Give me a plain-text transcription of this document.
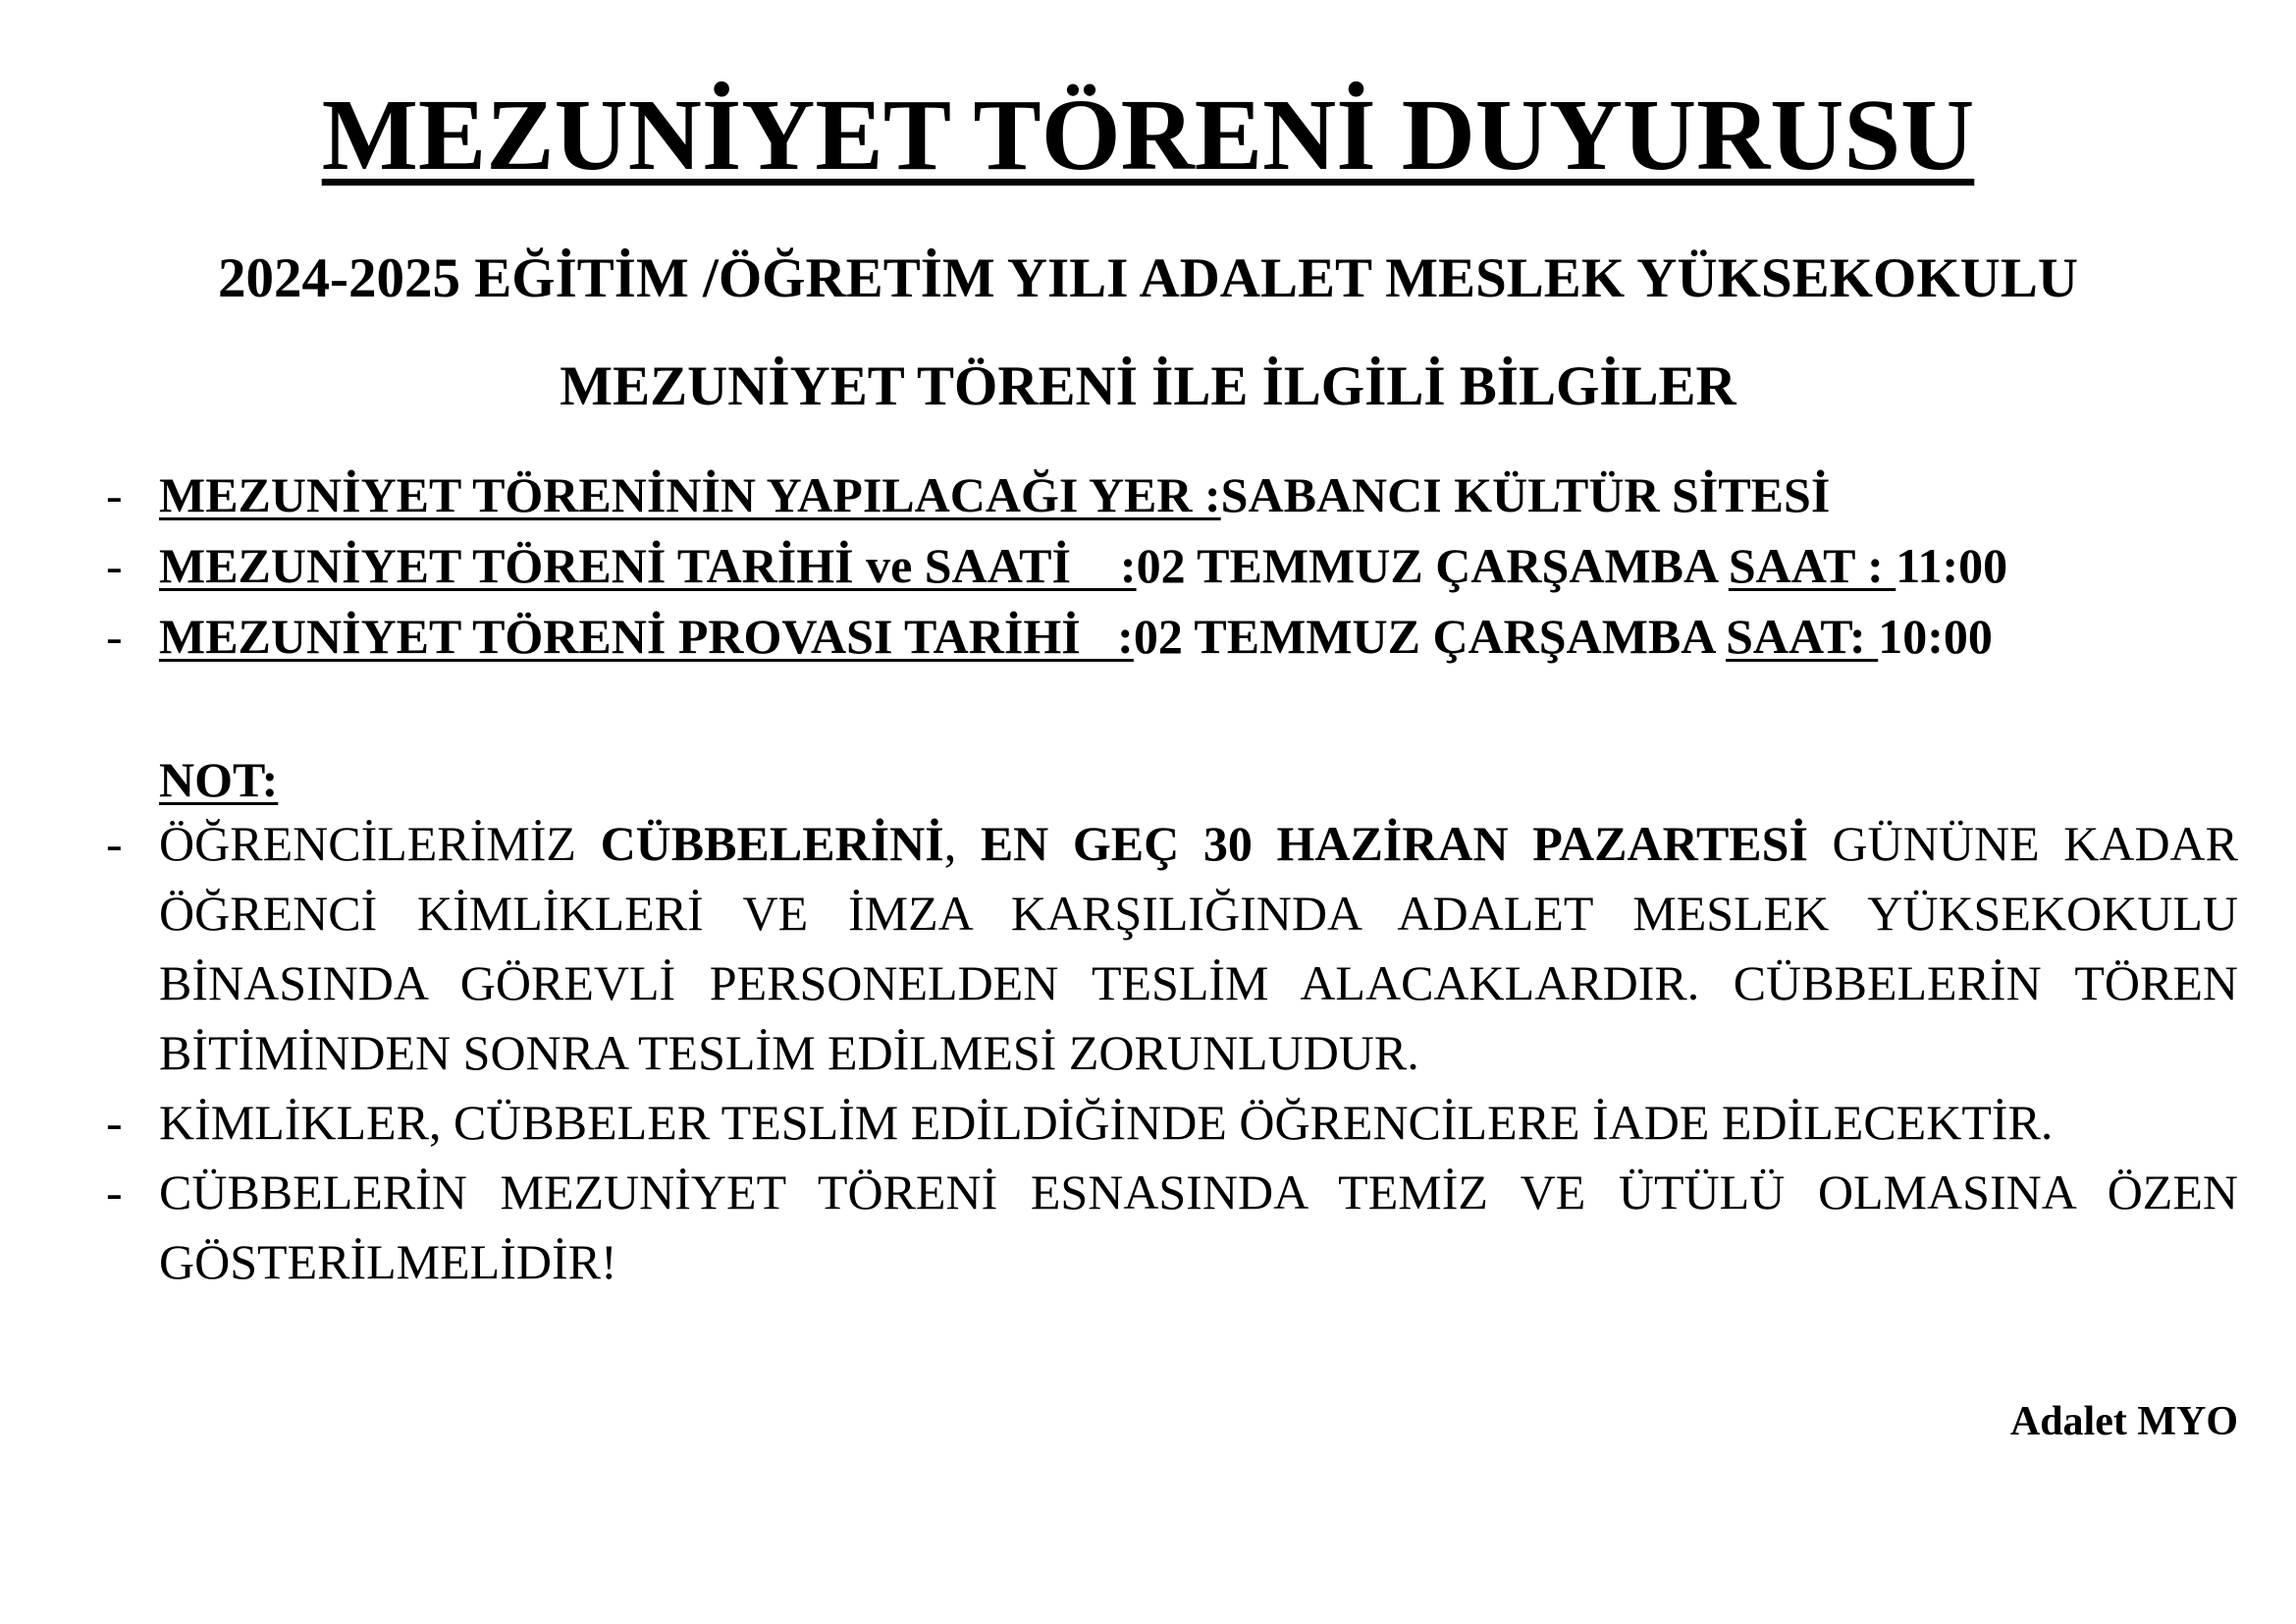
MEZUNİYET TÖRENİ DUYURUSU
2024-2025 EĞİTİM /ÖĞRETİM YILI ADALET MESLEK YÜKSEKOKULU
MEZUNİYET TÖRENİ İLE İLGİLİ BİLGİLER
- MEZUNİYET TÖRENİNİN YAPILACAĞI YER : SABANCI KÜLTÜR SİTESİ
- MEZUNİYET TÖRENİ TARİHİ ve SAATİ    : 02 TEMMUZ ÇARŞAMBA SAAT : 11:00
- MEZUNİYET TÖRENİ PROVASI TARİHİ   : 02 TEMMUZ ÇARŞAMBA SAAT: 10:00
NOT:
- ÖĞRENCİLERİMİZ CÜBBELERİNİ, EN GEÇ 30 HAZİRAN PAZARTESİ GÜNÜNE KADAR ÖĞRENCİ KİMLİKLERİ VE İMZA KARŞILIĞINDA ADALET MESLEK YÜKSEKOKULU BİNASINDA GÖREVLİ PERSONELDEN TESLİM ALACAKLARDIR. CÜBBELERİN TÖREN BİTİMİNDEN SONRA TESLİM EDİLMESİ ZORUNLUDUR.
- KİMLİKLER, CÜBBELER TESLİM EDİLDİĞİNDE ÖĞRENCİLERE İADE EDİLECEKTİR.
- CÜBBELERİN MEZUNİYET TÖRENİ ESNASINDA TEMİZ VE ÜTÜLÜ OLMASINA ÖZEN GÖSTERİLMELİDİR!
Adalet MYO
